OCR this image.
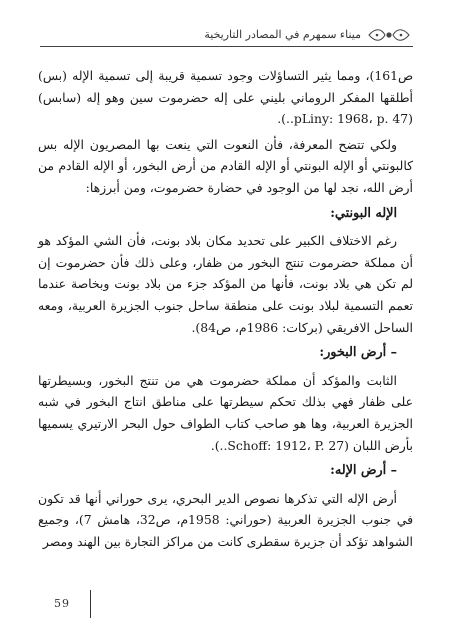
ميناء سمهرم في المصادر التاريخية

ص161)، ومما يثير التساؤلات وجود تسمية قريبة إلى تسمية الإله (بس) أطلقها المفكر الروماني بليني على إله حضرموت سين وهو إله (سابس) (pLiny: 1968، p. 47..).

ولكي تتضح المعرفة، فأن النعوت التي ينعت بها المصريون الإله بس كالبونتي أو الإله البونتي أو الإله القادم من أرض البخور، أو الإله القادم من أرض الله، نجد لها من الوجود في حضارة حضرموت، ومن أبرزها:

الإله البونتي:

رغم الاختلاف الكبير على تحديد مكان بلاد بونت، فأن الشي المؤكد هو أن مملكة حضرموت تنتج البخور من ظفار، وعلى ذلك فأن حضرموت إن لم تكن هي بلاد بونت، فأنها من المؤكد جزء من بلاد بونت وبخاصة عندما تعمم التسمية لبلاد بونت على منطقة ساحل جنوب الجزيرة العربية، ومعه الساحل الافريقي (بركات: 1986م، ص84).

– أرض البخور:

الثابت والمؤكد أن مملكة حضرموت هي من تنتج البخور، وبسيطرتها على ظفار فهي بذلك تحكم سيطرتها على مناطق انتاج البخور في شبه الجزيرة العربية، وها هو صاحب كتاب الطواف حول البحر الارتيري يسميها بأرض اللبان (Schoff: 1912، P. 27..).

– أرض الإله:

أرض الإله التي تذكرها نصوص الدير البحري، يرى حوراني أنها قد تكون في جنوب الجزيرة العربية (حوراني: 1958م، ص32، هامش 7)، وجميع الشواهد تؤكد أن جزيرة سقطرى كانت من مراكز التجارة بين الهند ومصر

59
